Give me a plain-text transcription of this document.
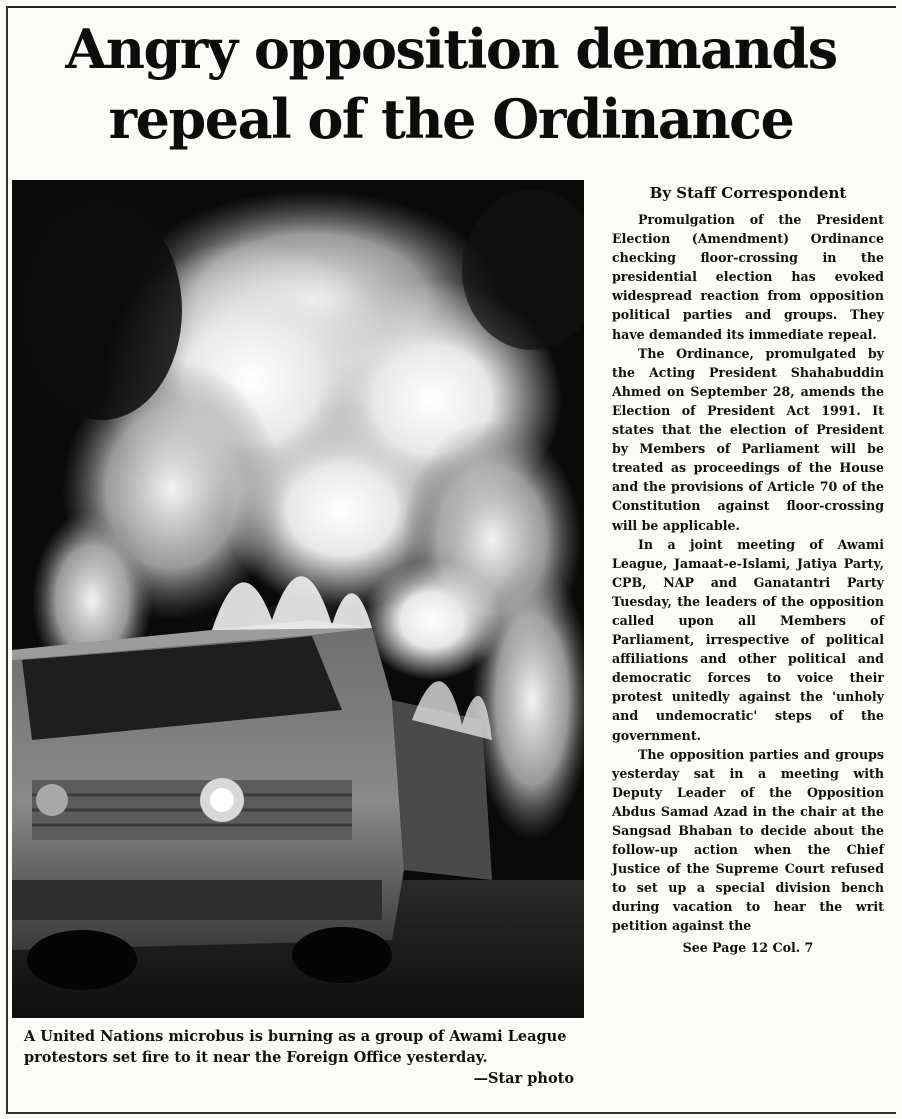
Angry opposition demands
repeal of the Ordinance
A United Nations microbus is burning as a group of Awami League protestors set fire to it near the Foreign Office yesterday.
—Star photo
By Staff Correspondent

Promulgation of the President Election (Amendment) Ordinance checking floor-crossing in the presidential election has evoked widespread reaction from opposition political parties and groups. They have demanded its immediate repeal.

The Ordinance, promulgated by the Acting President Shahabuddin Ahmed on September 28, amends the Election of President Act 1991. It states that the election of President by Members of Parliament will be treated as proceedings of the House and the provisions of Article 70 of the Constitution against floor-crossing will be applicable.

In a joint meeting of Awami League, Jamaat-e-Islami, Jatiya Party, CPB, NAP and Ganatantri Party Tuesday, the leaders of the opposition called upon all Members of Parliament, irrespective of political affiliations and other political and democratic forces to voice their protest unitedly against the 'unholy and undemocratic' steps of the government.

The opposition parties and groups yesterday sat in a meeting with Deputy Leader of the Opposition Abdus Samad Azad in the chair at the Sangsad Bhaban to decide about the follow-up action when the Chief Justice of the Supreme Court refused to set up a special division bench during vacation to hear the writ petition against the

See Page 12 Col. 7
